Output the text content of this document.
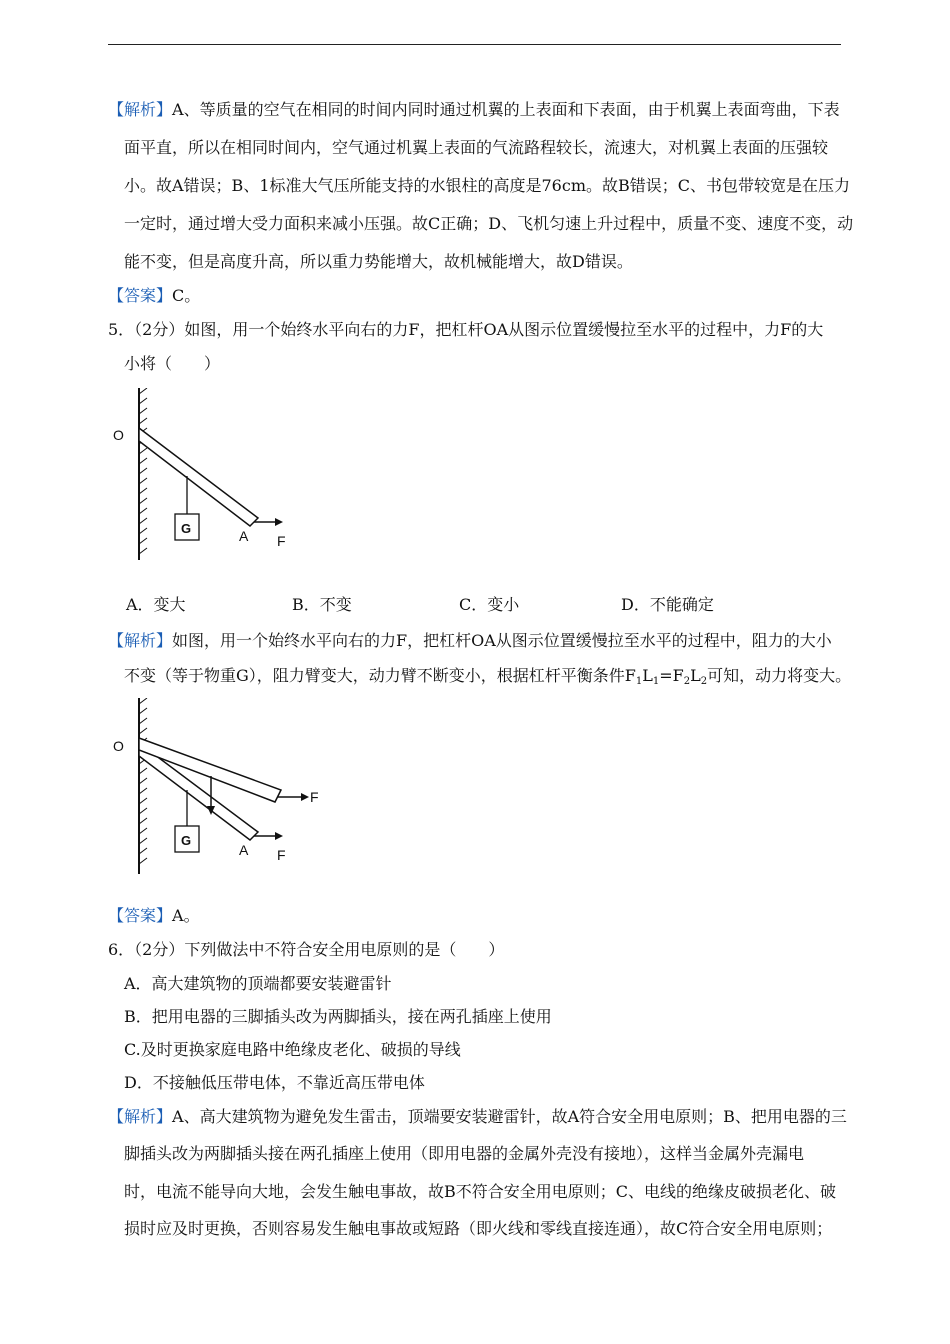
【解析】A、等质量的空气在相同的时间内同时通过机翼的上表面和下表面，由于机翼上表面弯曲，下表
面平直，所以在相同时间内，空气通过机翼上表面的气流路程较长，流速大，对机翼上表面的压强较
小。故A错误；B、1标准大气压所能支持的水银柱的高度是76cm。故B错误；C、书包带较宽是在压力
一定时，通过增大受力面积来减小压强。故C正确；D、飞机匀速上升过程中，质量不变、速度不变，动
能不变，但是高度升高，所以重力势能增大，故机械能增大，故D错误。
【答案】C。
5．（2分）如图，用一个始终水平向右的力F，把杠杆OA从图示位置缓慢拉至水平的过程中，力F的大
小将（　　）
O
G	A F
A．变大	B．不变	C．变小	D．不能确定
【解析】如图，用一个始终水平向右的力F，把杠杆OA从图示位置缓慢拉至水平的过程中，阻力的大小
不变（等于物重G），阻力臂变大，动力臂不断变小，根据杠杆平衡条件$F_1L_1=F_2L_2$可知，动力将变大。
O
G
A F
F
【答案】A。
6．（2分）下列做法中不符合安全用电原则的是（　　）
A．高大建筑物的顶端都要安装避雷针
B．把用电器的三脚插头改为两脚插头，接在两孔插座上使用
C.及时更换家庭电路中绝缘皮老化、破损的导线
D．不接触低压带电体，不靠近高压带电体
【解析】A、高大建筑物为避免发生雷击，顶端要安装避雷针，故A符合安全用电原则；B、把用电器的三
脚插头改为两脚插头接在两孔插座上使用（即用电器的金属外壳没有接地），这样当金属外壳漏电
时，电流不能导向大地，会发生触电事故，故B不符合安全用电原则；C、电线的绝缘皮破损老化、破
损时应及时更换，否则容易发生触电事故或短路（即火线和零线直接连通），故C符合安全用电原则；
